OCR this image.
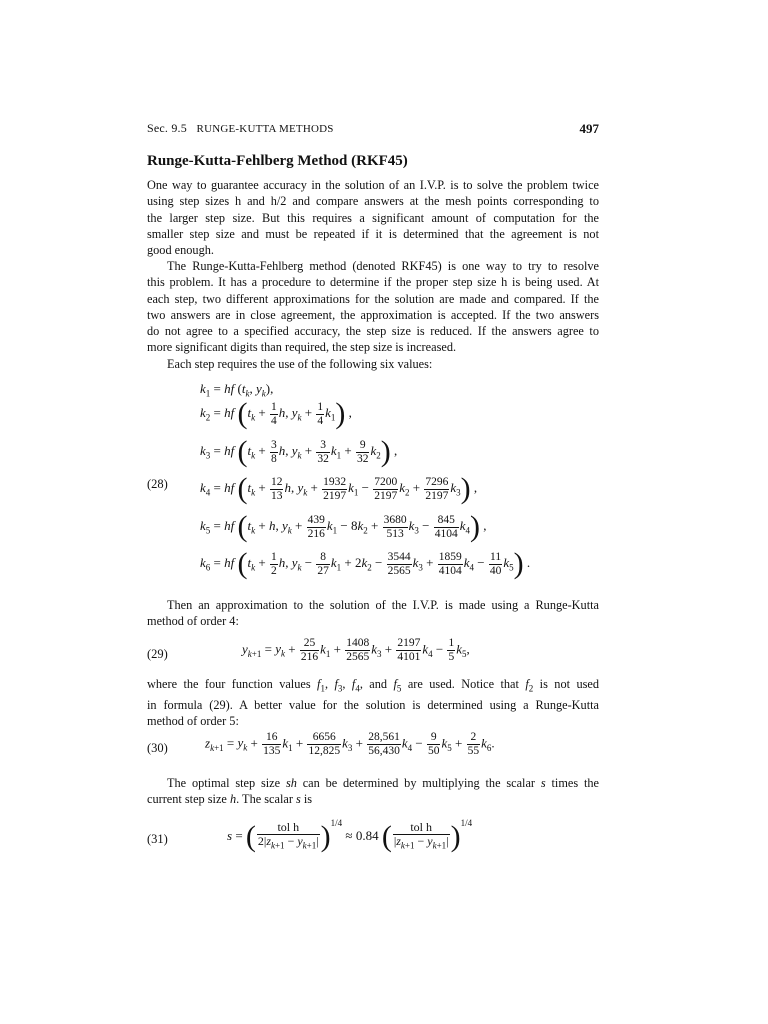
Sec. 9.5 RUNGE-KUTTA METHODS	497
Runge-Kutta-Fehlberg Method (RKF45)
One way to guarantee accuracy in the solution of an I.V.P. is to solve the problem twice
using step sizes h and h/2 and compare answers at the mesh points corresponding to
the larger step size. But this requires a significant amount of computation for the
smaller step size and must be repeated if it is determined that the agreement is not
good enough.
The Runge-Kutta-Fehlberg method (denoted RKF45) is one way to try to resolve
this problem. It has a procedure to determine if the proper step size h is being used. At
each step, two different approximations for the solution are made and compared. If the
two answers are in close agreement, the approximation is accepted. If the two answers
do not agree to a specified accuracy, the step size is reduced. If the answers agree to
more significant digits than required, the step size is increased.
Each step requires the use of the following six values:
(28)
$k_1$ = hf ($t_k$, $y_k$),
$k_2$ = hf ($t_k + \frac{1}{4} h$, $y_k + \frac{1}{4} k_1$) ,
$k_3$ = hf ($t_k + \frac{3}{8} h$, $y_k + \frac{3}{32} k_1 + \frac{9}{32} k_2$) ,
$k_4$ = hf ($t_k + \frac{12}{13} h$, $y_k + \frac{1932}{2197} k_1 - \frac{7200}{2197} k_2 + \frac{7296}{2197} k_3$) ,
$k_5$ = hf ($t_k + h$, $y_k + \frac{439}{216} k_1 - 8k_2 + \frac{3680}{513} k_3 - \frac{845}{4104} k_4$) ,
$k_6$ = hf ($t_k + \frac{1}{2} h$, $y_k - \frac{8}{27} k_1 + 2k_2 - \frac{3544}{2565} k_3 + \frac{1859}{4104} k_4 - \frac{11}{40} k_5$) .
Then an approximation to the solution of the I.V.P. is made using a Runge-Kutta
method of order 4:
(29)	$y_{k+1} = y_k + \frac{25}{216} k_1 + \frac{1408}{2565} k_3 + \frac{2197}{4101} k_4 - \frac{1}{5} k_5$,
where the four function values $f_1$, $f_3$, $f_4$, and $f_5$ are used. Notice that $f_2$ is not used
in formula (29). A better value for the solution is determined using a Runge-Kutta
method of order 5:
(30)	$z_{k+1} = y_k + \frac{16}{135} k_1 + \frac{6656}{12,825} k_3 + \frac{28,561}{56,430} k_4 - \frac{9}{50} k_5 + \frac{2}{55} k_6$.
The optimal step size sh can be determined by multiplying the scalar s times the
current step size h. The scalar s is
(31)	s = ( $\frac{\text{tol h}}{2|z_{k+1} - y_{k+1}|} )^{1/4} \approx 0.84$ ( $\frac{\text{tol h}}{|z_{k+1} - y_{k+1}|} )^{1/4}$
